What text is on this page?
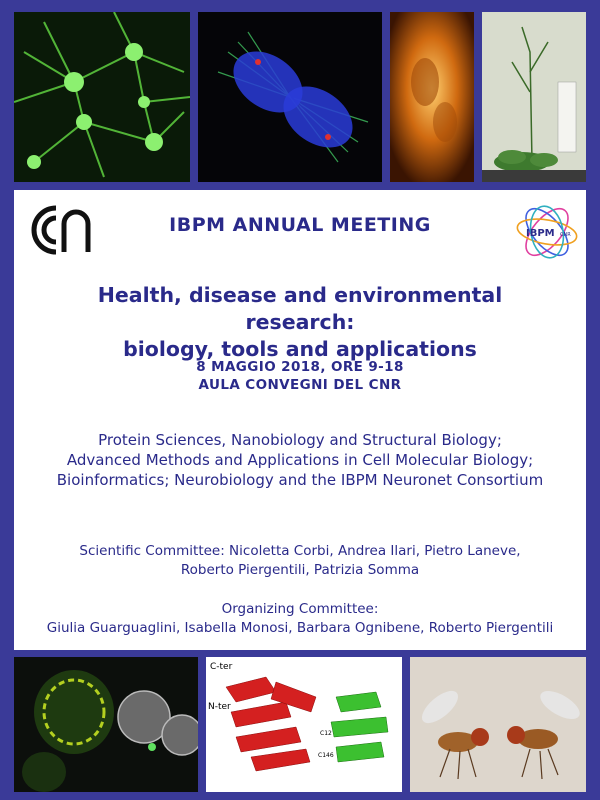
IBPM CNR
IBPM ANNUAL MEETING
Health, disease and environmental research:
biology, tools and applications
8 MAGGIO 2018, ORE 9-18
AULA CONVEGNI DEL CNR
Protein Sciences, Nanobiology and Structural Biology;
Advanced Methods and Applications in Cell Molecular Biology;
Bioinformatics; Neurobiology and the IBPM Neuronet Consortium
Scientific Committee: Nicoletta Corbi, Andrea Ilari, Pietro Laneve,
Roberto Piergentili, Patrizia Somma
Organizing Committee:
Giulia Guarguaglini, Isabella Monosi, Barbara Ognibene, Roberto Piergentili
C-ter
N-ter
C12
C146
